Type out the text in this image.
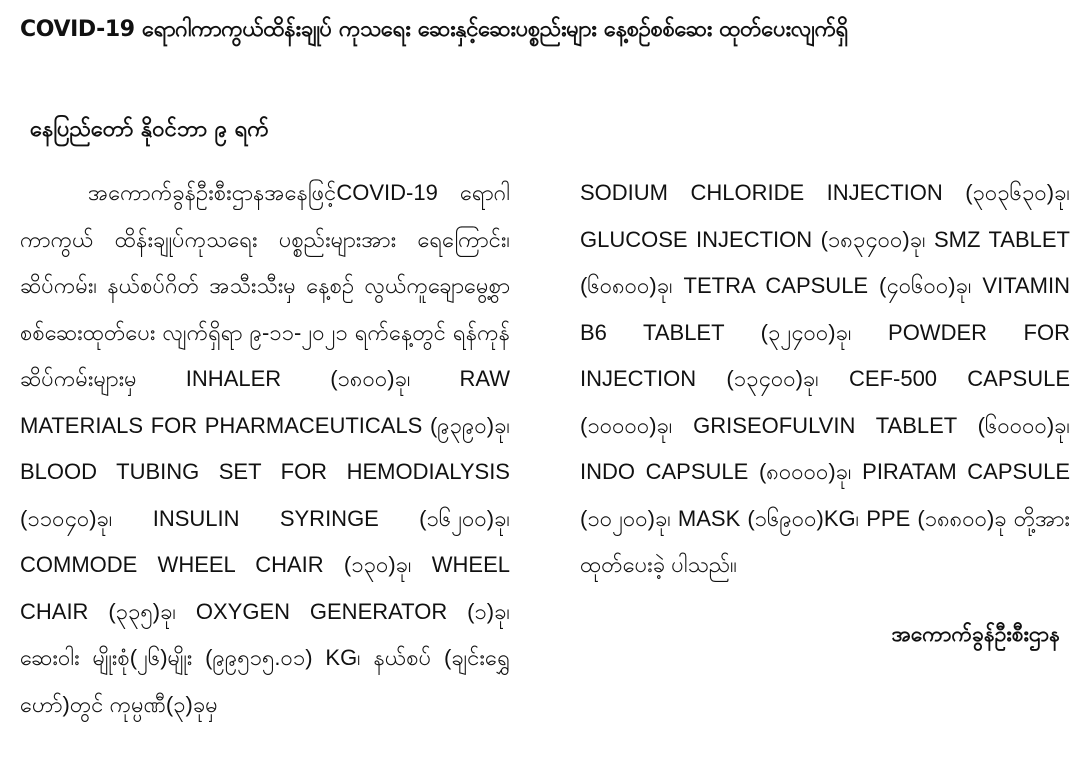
COVID-19 ရောဂါကာကွယ်ထိန်းချုပ် ကုသရေး ဆေးနှင့်ဆေးပစ္စည်းများ နေ့စဉ်စစ်ဆေး ထုတ်ပေးလျက်ရှိ
နေပြည်တော် နိုဝင်ဘာ ၉ ရက်
အကောက်ခွန်ဦးစီးဌာနအနေဖြင့်COVID-19 ရောဂါကာကွယ် ထိန်းချုပ်ကုသရေး ပစ္စည်းများအား ရေကြောင်း၊ ဆိပ်ကမ်း၊ နယ်စပ်ဂိတ် အသီးသီးမှ နေ့စဉ် လွယ်ကူချောမွေ့စွာ စစ်ဆေးထုတ်ပေး လျက်ရှိရာ ၉-၁၁-၂၀၂၁ ရက်နေ့တွင် ရန်ကုန် ဆိပ်ကမ်းများမှ INHALER (၁၈၀၀)ခု၊ RAW MATERIALS FOR PHARMACEUTICALS (၉၃၉၀)ခု၊ BLOOD TUBING SET FOR HEMODIALYSIS (၁၁၀၄၀)ခု၊ INSULIN SYRINGE (၁၆၂၀၀)ခု၊ COMMODE WHEEL CHAIR (၁၃၀)ခု၊ WHEEL CHAIR (၃၃၅)ခု၊ OXYGEN GENERATOR (၁)ခု၊ ဆေးဝါး မျိုးစုံ(၂၆)မျိုး (၉၉၅၁၅.၀၁) KG၊ နယ်စပ် (ချင်းရွှေဟော်)တွင် ကုမ္ပဏီ(၃)ခုမှ
SODIUM CHLORIDE INJECTION (၃၀၃၆၃၀)ခု၊ GLUCOSE INJECTION (၁၈၃၄၀၀)ခု၊ SMZ TABLET (၆၀၈၀၀)ခု၊ TETRA CAPSULE (၄၀၆၀၀)ခု၊ VITAMIN B6 TABLET (၃၂၄၀၀)ခု၊ POWDER FOR INJECTION (၁၃၄၀၀)ခု၊ CEF-500 CAPSULE (၁၀၀၀၀)ခု၊ GRISEOFULVIN TABLET (၆၀၀၀၀)ခု၊ INDO CAPSULE (၈၀၀၀၀)ခု၊ PIRATAM CAPSULE (၁၀၂၀၀)ခု၊ MASK (၁၆၉၀၀)KG၊ PPE (၁၈၈၀၀)ခု တို့အား ထုတ်ပေးခဲ့ ပါသည်။
အကောက်ခွန်ဦးစီးဌာန
